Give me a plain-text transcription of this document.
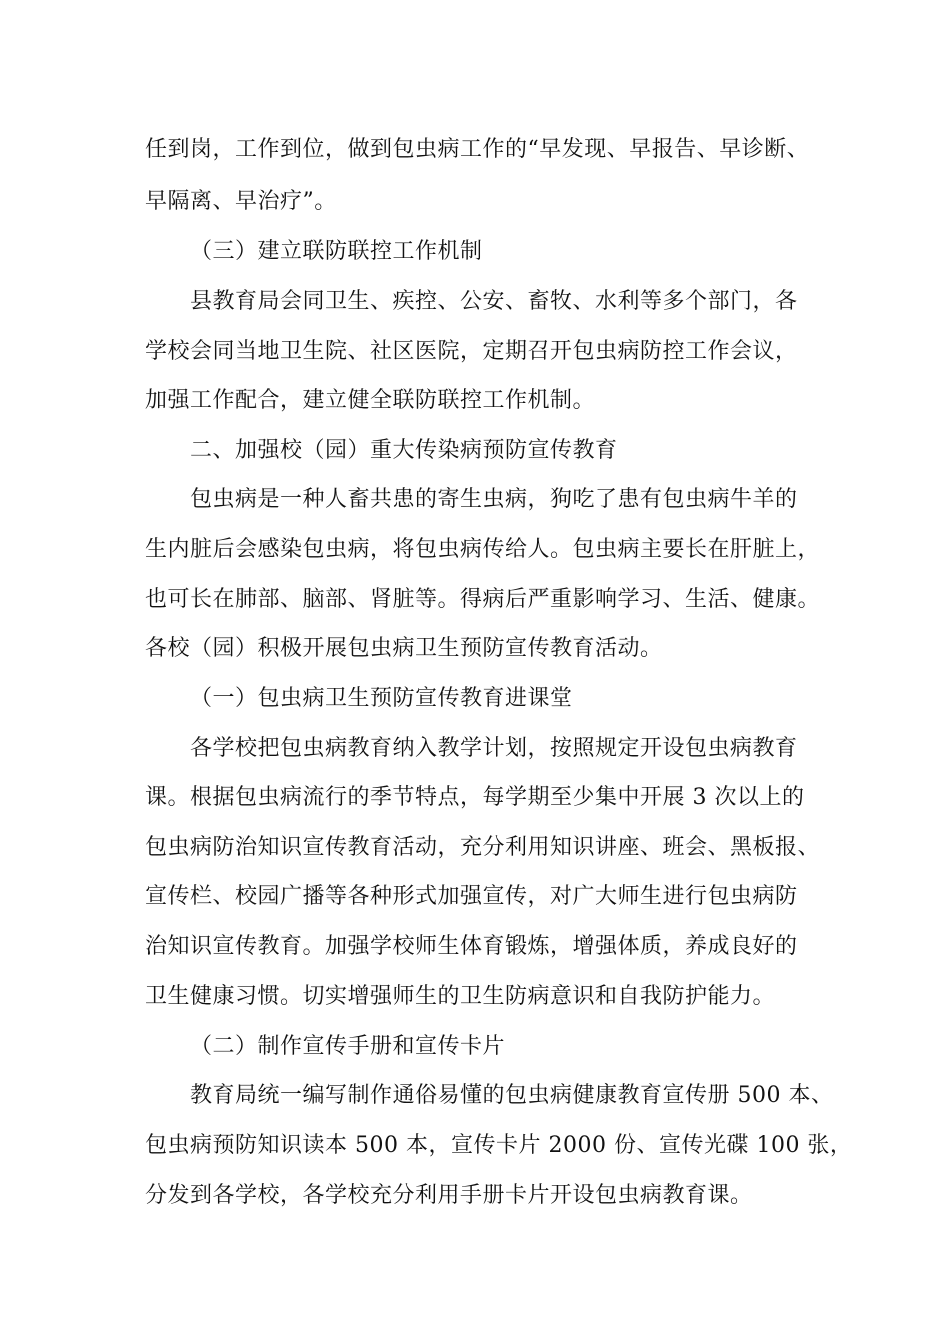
任到岗，工作到位，做到包虫病工作的“早发现、早报告、早诊断、
早隔离、早治疗”。
（三）建立联防联控工作机制
县教育局会同卫生、疾控、公安、畜牧、水利等多个部门，各
学校会同当地卫生院、社区医院，定期召开包虫病防控工作会议，
加强工作配合，建立健全联防联控工作机制。
二、加强校（园）重大传染病预防宣传教育
包虫病是一种人畜共患的寄生虫病，狗吃了患有包虫病牛羊的
生内脏后会感染包虫病，将包虫病传给人。包虫病主要长在肝脏上，
也可长在肺部、脑部、肾脏等。得病后严重影响学习、生活、健康。
各校（园）积极开展包虫病卫生预防宣传教育活动。
（一）包虫病卫生预防宣传教育进课堂
各学校把包虫病教育纳入教学计划，按照规定开设包虫病教育
课。根据包虫病流行的季节特点，每学期至少集中开展 3 次以上的
包虫病防治知识宣传教育活动，充分利用知识讲座、班会、黑板报、
宣传栏、校园广播等各种形式加强宣传，对广大师生进行包虫病防
治知识宣传教育。加强学校师生体育锻炼，增强体质，养成良好的
卫生健康习惯。切实增强师生的卫生防病意识和自我防护能力。
（二）制作宣传手册和宣传卡片
教育局统一编写制作通俗易懂的包虫病健康教育宣传册 500 本、
包虫病预防知识读本 500 本，宣传卡片 2000 份、宣传光碟 100 张，
分发到各学校，各学校充分利用手册卡片开设包虫病教育课。
